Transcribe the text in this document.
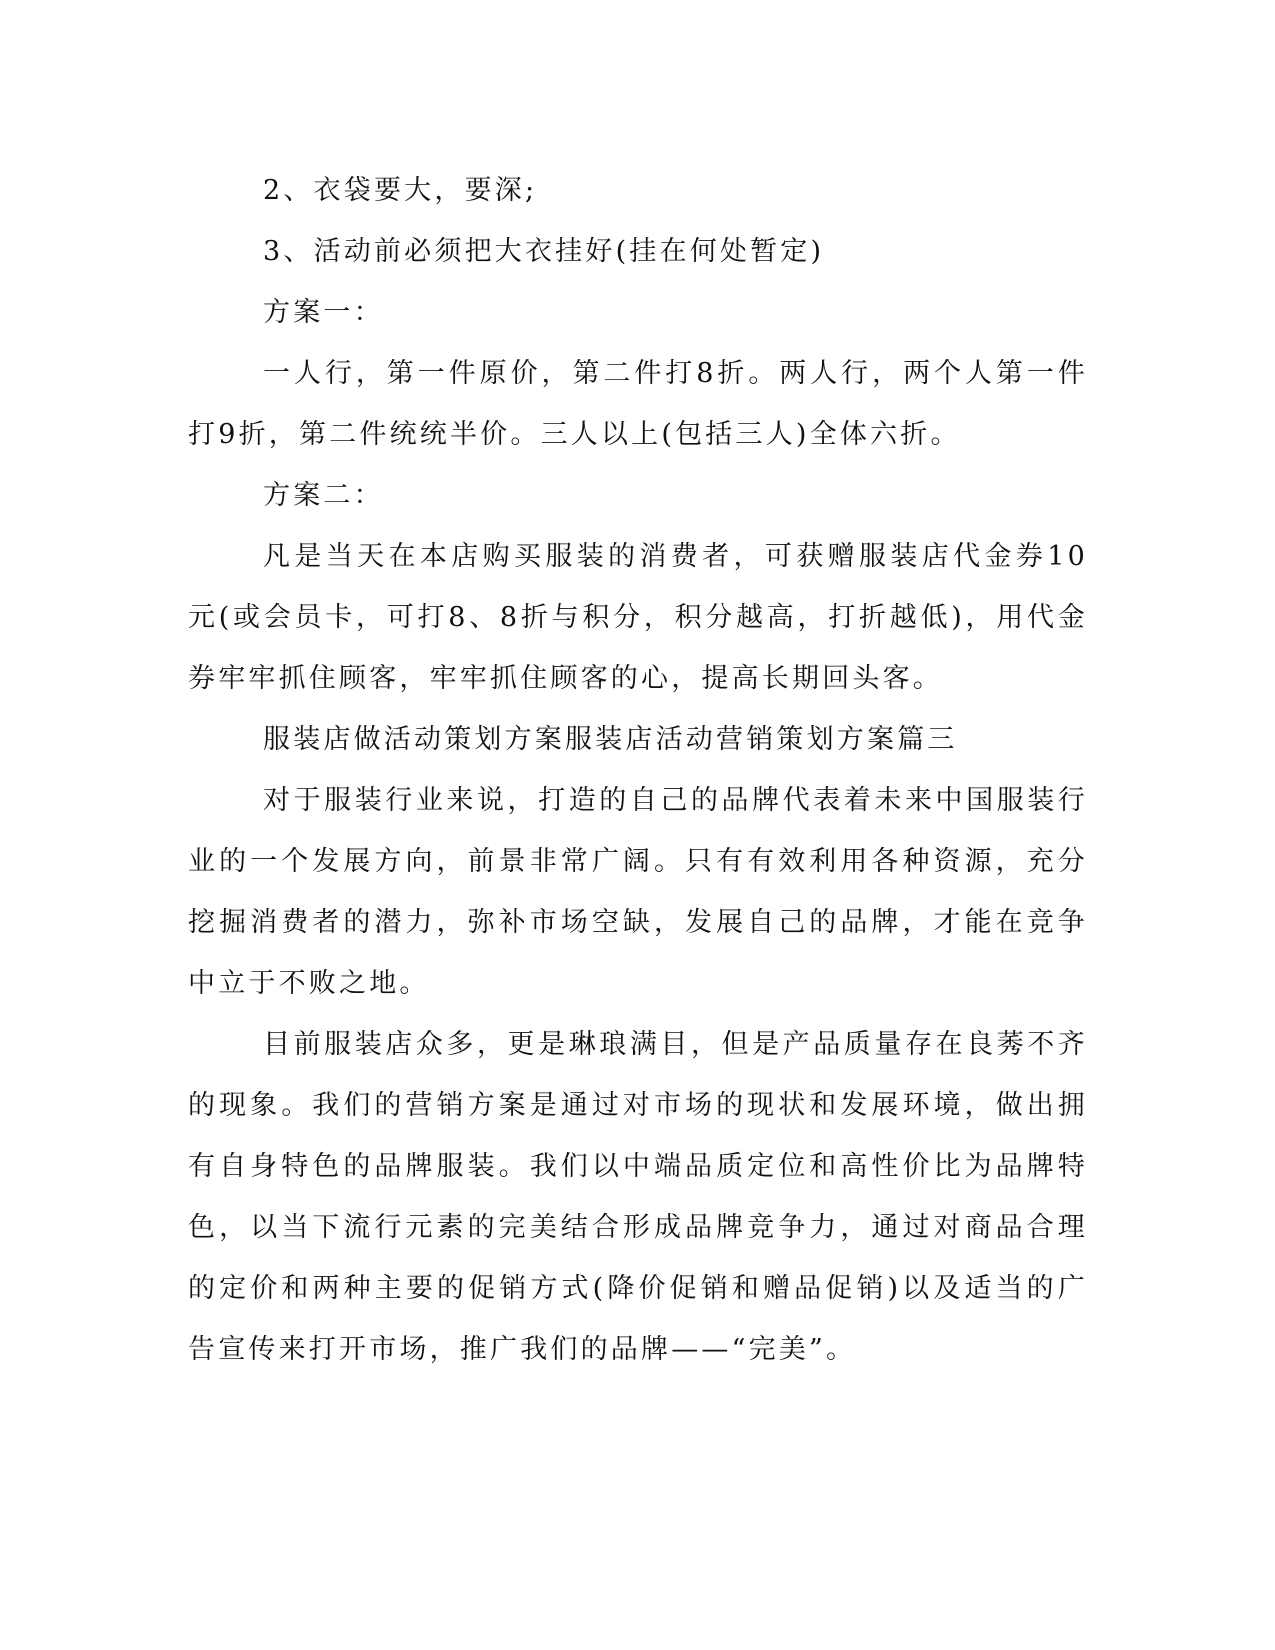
2、衣袋要大，要深;

3、活动前必须把大衣挂好(挂在何处暂定)

方案一：

一人行，第一件原价，第二件打8折。两人行，两个人第一件打9折，第二件统统半价。三人以上(包括三人)全体六折。

方案二：

凡是当天在本店购买服装的消费者，可获赠服装店代金券10元(或会员卡，可打8、8折与积分，积分越高，打折越低)，用代金券牢牢抓住顾客，牢牢抓住顾客的心，提高长期回头客。

服装店做活动策划方案服装店活动营销策划方案篇三

对于服装行业来说，打造的自己的品牌代表着未来中国服装行业的一个发展方向，前景非常广阔。只有有效利用各种资源，充分挖掘消费者的潜力，弥补市场空缺，发展自己的品牌，才能在竞争中立于不败之地。

目前服装店众多，更是琳琅满目，但是产品质量存在良莠不齐的现象。我们的营销方案是通过对市场的现状和发展环境，做出拥有自身特色的品牌服装。我们以中端品质定位和高性价比为品牌特色，以当下流行元素的完美结合形成品牌竞争力，通过对商品合理的定价和两种主要的促销方式(降价促销和赠品促销)以及适当的广告宣传来打开市场，推广我们的品牌——“完美”。
